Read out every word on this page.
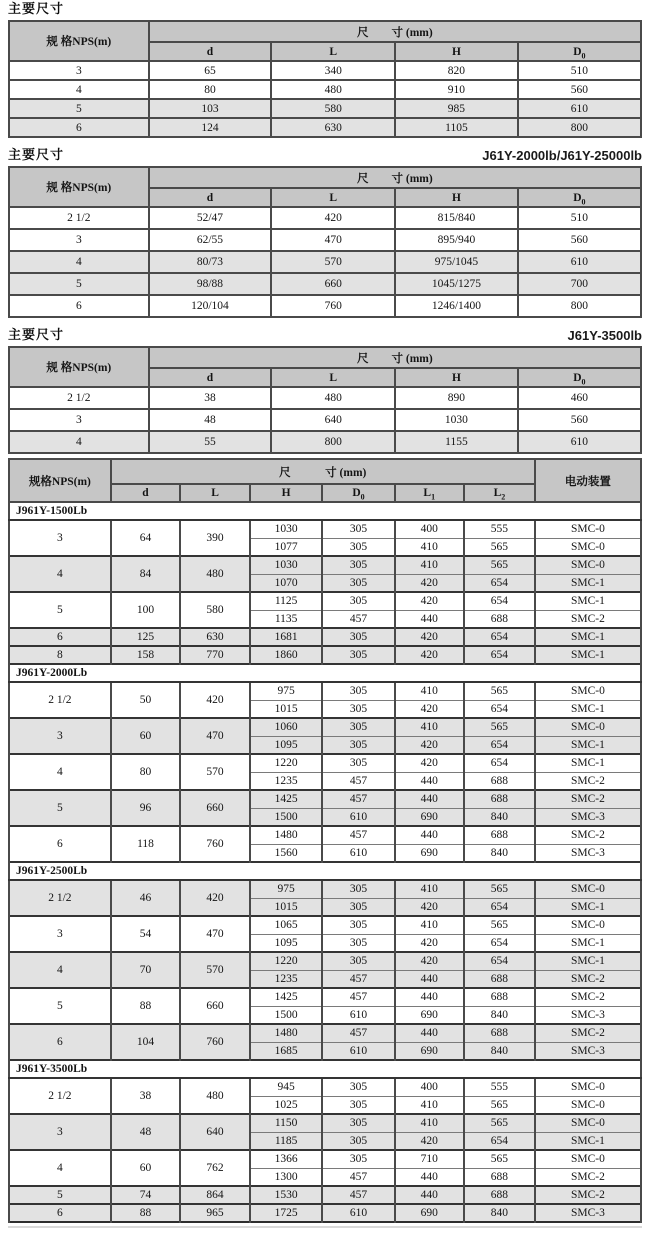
主要尺寸
规 格NPS(m)	尺　　寸 (mm)			
	d	L	H	$D_0$
3	65	340	820	510
4	80	480	910	560
5	103	580	985	610
6	124	630	1105	800
主要尺寸	J61Y-2000lb/J61Y-25000lb
规 格NPS(m)	尺　　寸 (mm)			
	d	L	H	$D_0$
2 1/2	52/47	420	815/840	510
3	62/55	470	895/940	560
4	80/73	570	975/1045	610
5	98/88	660	1045/1275	700
6	120/104	760	1246/1400	800
主要尺寸	J61Y-3500lb
规 格NPS(m)	尺　　寸 (mm)			
	d	L	H	$D_0$
2 1/2	38	480	890	460
3	48	640	1030	560
4	55	800	1155	610
规格NPS(m)	尺　　　寸 (mm)						电动装置
	d	L	H	$D_0$	$L_1$	$L_2$
J961Y-1500Lb							
3	64	390	1030	305	400	555	SMC-0
			1077	305	410	565	SMC-0
4	84	480	1030	305	410	565	SMC-0
			1070	305	420	654	SMC-1
5	100	580	1125	305	420	654	SMC-1
			1135	457	440	688	SMC-2
6	125	630	1681	305	420	654	SMC-1
8	158	770	1860	305	420	654	SMC-1
J961Y-2000Lb							
2 1/2	50	420	975	305	410	565	SMC-0
			1015	305	420	654	SMC-1
3	60	470	1060	305	410	565	SMC-0
			1095	305	420	654	SMC-1
4	80	570	1220	305	420	654	SMC-1
			1235	457	440	688	SMC-2
5	96	660	1425	457	440	688	SMC-2
			1500	610	690	840	SMC-3
6	118	760	1480	457	440	688	SMC-2
			1560	610	690	840	SMC-3
J961Y-2500Lb							
2 1/2	46	420	975	305	410	565	SMC-0
			1015	305	420	654	SMC-1
3	54	470	1065	305	410	565	SMC-0
			1095	305	420	654	SMC-1
4	70	570	1220	305	420	654	SMC-1
			1235	457	440	688	SMC-2
5	88	660	1425	457	440	688	SMC-2
			1500	610	690	840	SMC-3
6	104	760	1480	457	440	688	SMC-2
			1685	610	690	840	SMC-3
J961Y-3500Lb							
2 1/2	38	480	945	305	400	555	SMC-0
			1025	305	410	565	SMC-0
3	48	640	1150	305	410	565	SMC-0
			1185	305	420	654	SMC-1
4	60	762	1366	305	710	565	SMC-0
			1300	457	440	688	SMC-2
5	74	864	1530	457	440	688	SMC-2
6	88	965	1725	610	690	840	SMC-3
